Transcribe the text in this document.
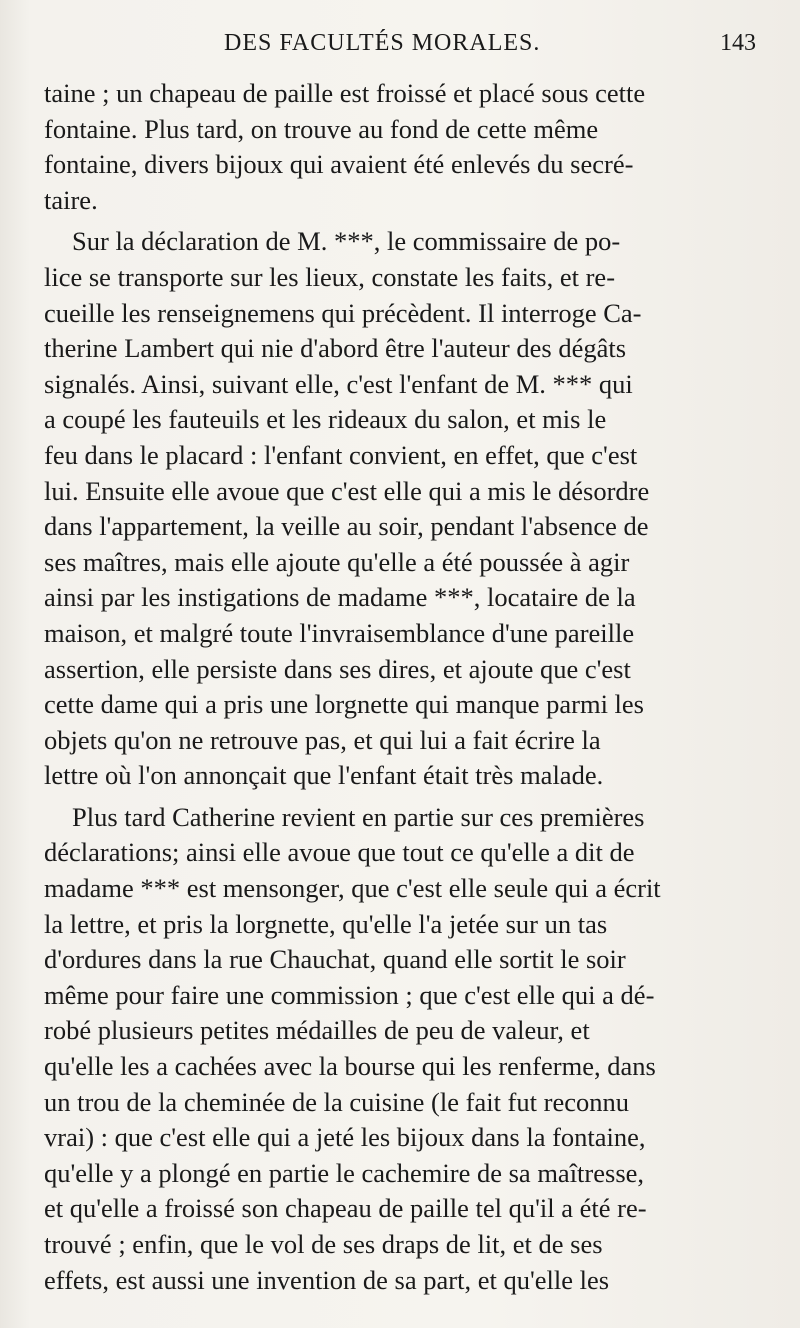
DES FACULTÉS MORALES.	143

taine ; un chapeau de paille est froissé et placé sous cette
fontaine. Plus tard, on trouve au fond de cette même
fontaine, divers bijoux qui avaient été enlevés du secré-
taire.

Sur la déclaration de M. ***, le commissaire de po-
lice se transporte sur les lieux, constate les faits, et re-
cueille les renseignemens qui précèdent. Il interroge Ca-
therine Lambert qui nie d'abord être l'auteur des dégâts
signalés. Ainsi, suivant elle, c'est l'enfant de M. *** qui
a coupé les fauteuils et les rideaux du salon, et mis le
feu dans le placard : l'enfant convient, en effet, que c'est
lui. Ensuite elle avoue que c'est elle qui a mis le désordre
dans l'appartement, la veille au soir, pendant l'absence de
ses maîtres, mais elle ajoute qu'elle a été poussée à agir
ainsi par les instigations de madame ***, locataire de la
maison, et malgré toute l'invraisemblance d'une pareille
assertion, elle persiste dans ses dires, et ajoute que c'est
cette dame qui a pris une lorgnette qui manque parmi les
objets qu'on ne retrouve pas, et qui lui a fait écrire la
lettre où l'on annonçait que l'enfant était très malade.

Plus tard Catherine revient en partie sur ces premières
déclarations; ainsi elle avoue que tout ce qu'elle a dit de
madame *** est mensonger, que c'est elle seule qui a écrit
la lettre, et pris la lorgnette, qu'elle l'a jetée sur un tas
d'ordures dans la rue Chauchat, quand elle sortit le soir
même pour faire une commission ; que c'est elle qui a dé-
robé plusieurs petites médailles de peu de valeur, et
qu'elle les a cachées avec la bourse qui les renferme, dans
un trou de la cheminée de la cuisine (le fait fut reconnu
vrai) : que c'est elle qui a jeté les bijoux dans la fontaine,
qu'elle y a plongé en partie le cachemire de sa maîtresse,
et qu'elle a froissé son chapeau de paille tel qu'il a été re-
trouvé ; enfin, que le vol de ses draps de lit, et de ses
effets, est aussi une invention de sa part, et qu'elle les
